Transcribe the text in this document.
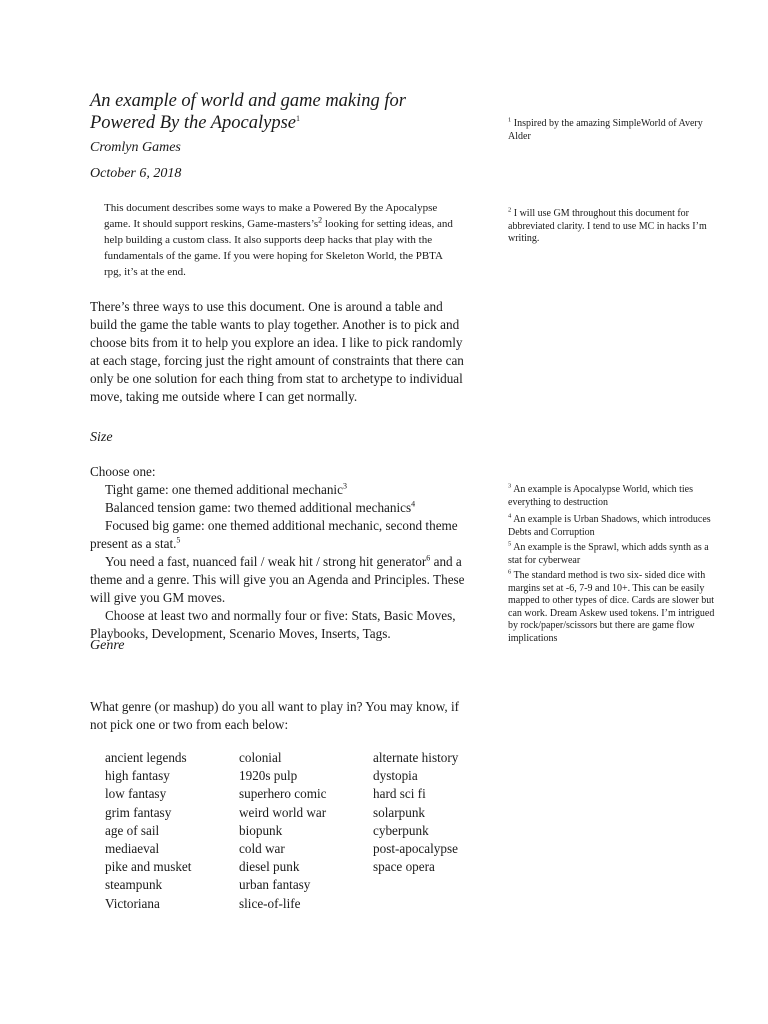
An example of world and game making for Powered By the Apocalypse$^1$

Cromlyn Games

October 6, 2018

This document describes some ways to make a Powered By the Apocalypse game. It should support reskins, Game-$masters’s^2$ looking for setting ideas, and help building a custom class. It also supports deep hacks that play with the fundamentals of the game. If you were hoping for Skeleton World, the PBTA rpg, it’s at the end.

There’s three ways to use this document. One is around a table and build the game the table wants to play together. Another is to pick and choose bits from it to help you explore an idea. I like to pick randomly at each stage, forcing just the right amount of constraints that there can only be one solution for each thing from stat to archetype to individual move, taking me outside where I can get normally.

Size

Choose one:

Tight game: one themed additional mechanic$^3$

Balanced tension game: two themed additional mechanics$^4$

Focused big game: one themed additional mechanic, second theme present as a stat.$^5$

You need a fast, nuanced fail / weak hit / strong hit generator$^6$ and a theme and a genre. This will give you an Agenda and Principles. These will give you GM moves.

Choose at least two and normally four or five: Stats, Basic Moves, Playbooks, Development, Scenario Moves, Inserts, Tags.

Genre

What genre (or mashup) do you all want to play in? You may know, if not pick one or two from each below:

ancient legends
high fantasy
low fantasy
grim fantasy
age of sail
mediaeval
pike and musket
steampunk
Victoriana
colonial
1920s pulp
superhero comic
weird world war
biopunk
cold war
diesel punk
urban fantasy
slice-of-life
alternate history
dystopia
hard sci fi
solarpunk
cyberpunk
post-apocalypse
space opera
$^1$ Inspired by the amazing SimpleWorld of Avery Alder
$^2$ I will use GM throughout this document for abbreviated clarity. I tend to use MC in hacks I’m writing.
$^3$ An example is Apocalypse World, which ties everything to destruction
$^4$ An example is Urban Shadows, which introduces Debts and Corruption
$^5$ An example is the Sprawl, which adds synth as a stat for cyberwear
$^6$ The standard method is two six- sided dice with margins set at -6, 7-9 and 10+. This can be easily mapped to other types of dice. Cards are slower but can work. Dream Askew used tokens. I’m intrigued by rock/paper/scissors but there are game flow implications
